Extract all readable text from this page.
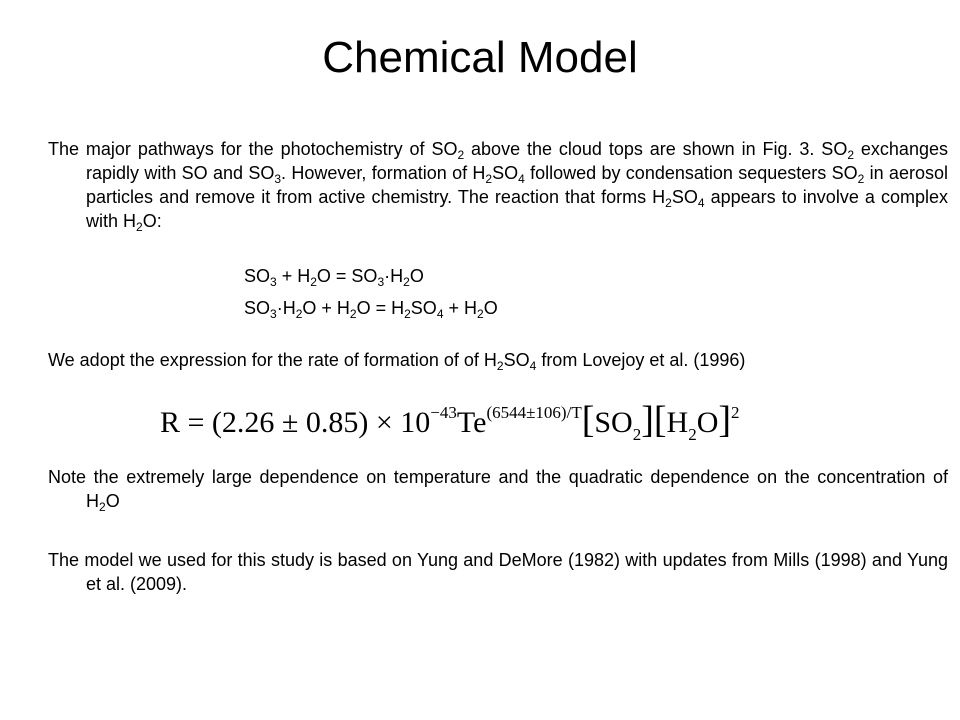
Chemical Model
The major pathways for the photochemistry of $SO_2$ above the cloud tops are shown in Fig. 3. $SO_2$ exchanges rapidly with SO and $SO_3$. However, formation of $H_2SO_4$ followed by condensation sequesters $SO_2$ in aerosol particles and remove it from active chemistry. The reaction that forms $H_2SO_4$ appears to involve a complex with $H_2O$:
$SO_3 + H_2O = SO_3\cdot H_2O$
$SO_3\cdot H_2O + H_2O = H_2SO_4 + H_2O$
We adopt the expression for the rate of formation of of $H_2SO_4$ from Lovejoy et al. (1996)
$R = (2.26 \pm 0.85) \times 10^{-43}Te^{(6544\pm 106)/T}[SO_2][H_2O]^2$
Note the extremely large dependence on temperature and the quadratic dependence on the concentration of $H_2O$
The model we used for this study is based on Yung and DeMore (1982) with updates from Mills (1998) and Yung et al. (2009).
